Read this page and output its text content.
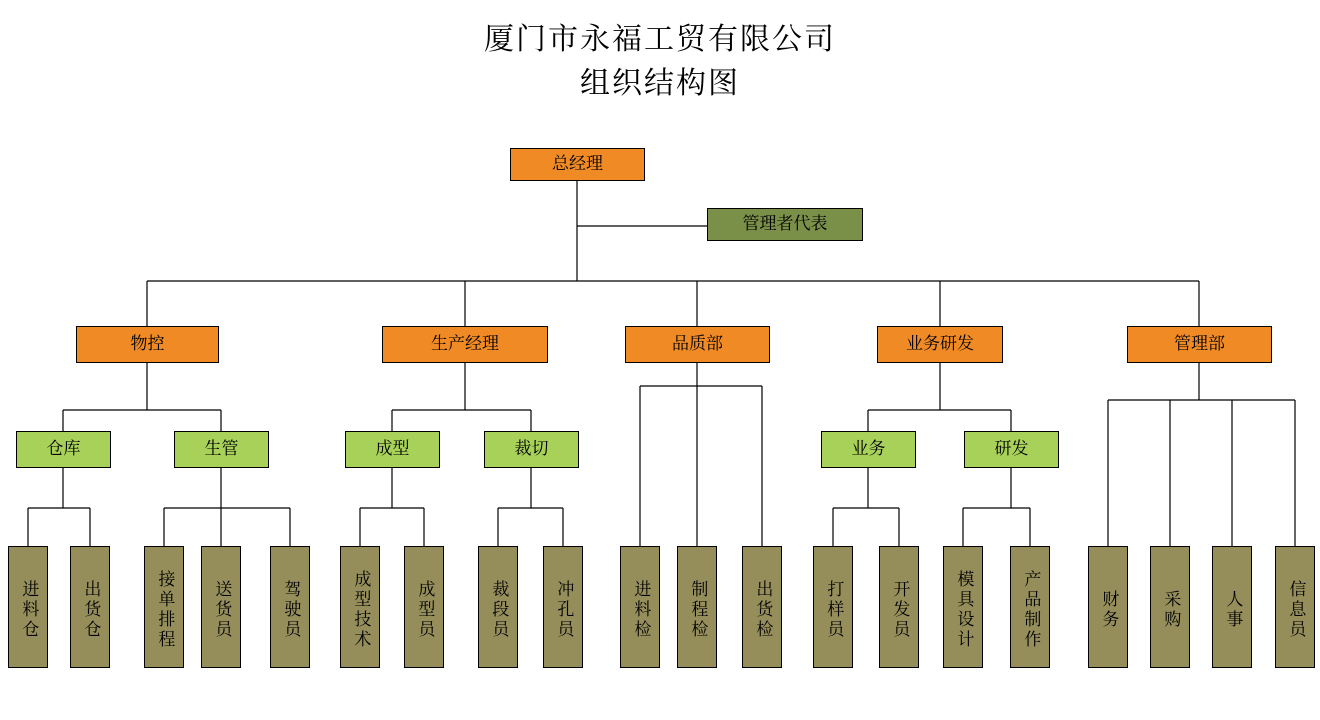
厦门市永福工贸有限公司
组织结构图
总经理
管理者代表
物控	生产经理	品质部	业务研发	管理部
仓库	生管	成型	裁切	业务	研发
进料仓	出货仓	接单排程 送货员	驾驶员	成型技术	成型员	裁段员	冲孔员	进料检 制程检	出货检	打样员	开发员	模具设计	产品制作	财务	采购	人事	信息员
